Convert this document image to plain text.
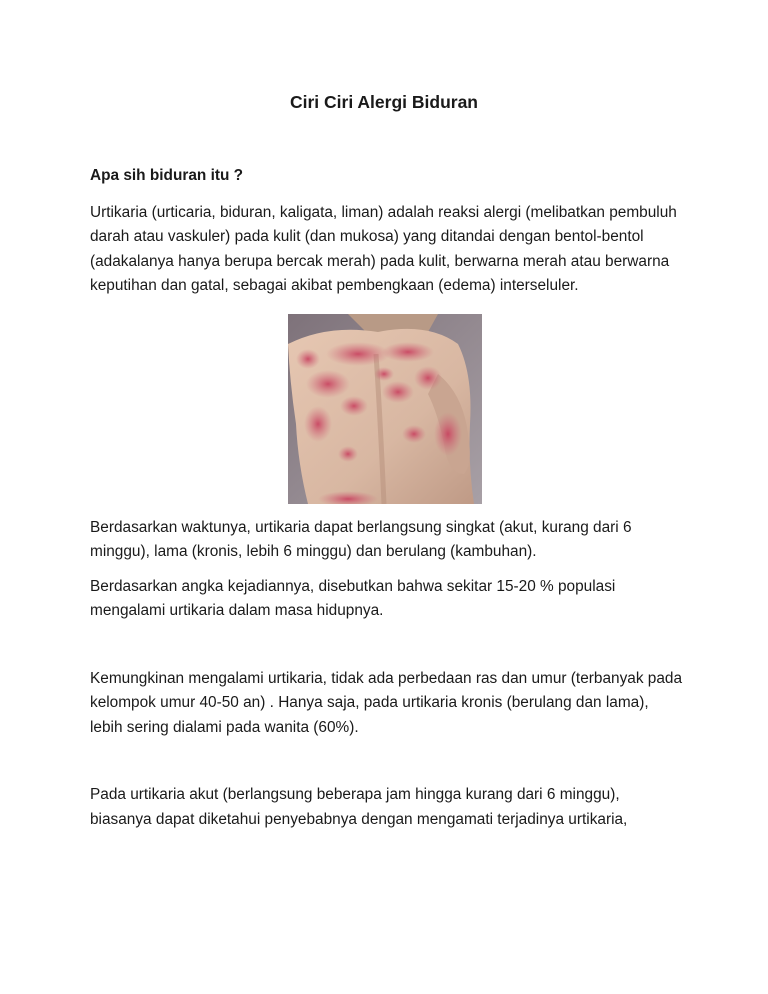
Ciri Ciri Alergi Biduran

Apa sih biduran itu ?

Urtikaria (urticaria, biduran, kaligata, liman) adalah reaksi alergi (melibatkan pembuluh darah atau vaskuler) pada kulit (dan mukosa) yang ditandai dengan bentol-bentol (adakalanya hanya berupa bercak merah) pada kulit, berwarna merah atau berwarna keputihan dan gatal, sebagai akibat pembengkaan (edema) interseluler.

Berdasarkan waktunya, urtikaria dapat berlangsung singkat (akut, kurang dari 6 minggu), lama (kronis, lebih 6 minggu) dan berulang (kambuhan).

Berdasarkan angka kejadiannya, disebutkan bahwa sekitar 15-20 % populasi mengalami urtikaria dalam masa hidupnya.

Kemungkinan mengalami urtikaria, tidak ada perbedaan ras dan umur (terbanyak pada kelompok umur 40-50 an) . Hanya saja, pada urtikaria kronis (berulang dan lama), lebih sering dialami pada wanita (60%).

Pada urtikaria akut (berlangsung beberapa jam hingga kurang dari 6 minggu), biasanya dapat diketahui penyebabnya dengan mengamati terjadinya urtikaria,
